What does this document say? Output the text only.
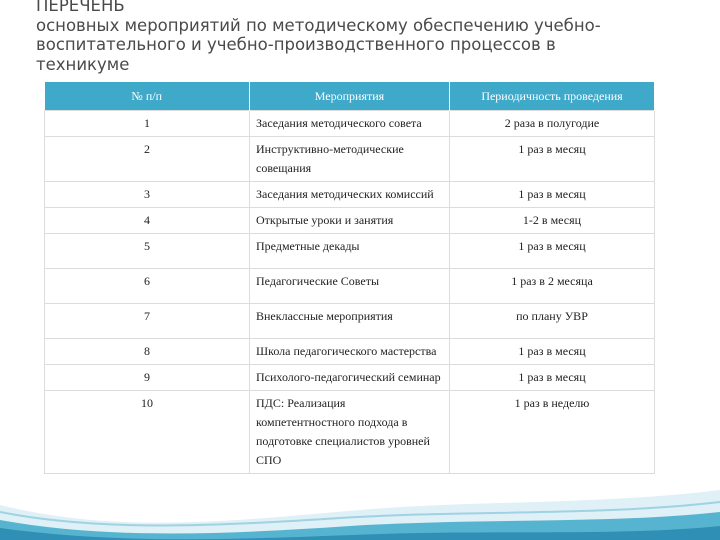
ПЕРЕЧЕНЬ
основных мероприятий по методическому обеспечению учебно-
воспитательного и учебно-производственного процессов в
техникуме
№ п/п	Мероприятия	Периодичность проведения
1	Заседания методического совета	2 раза в полугодие
2	Инструктивно-методические совещания	1 раз в месяц
3	Заседания методических комиссий	1 раз в месяц
4	Открытые уроки и занятия	1-2 в месяц
5	Предметные декады	1 раз в месяц
6	Педагогические Советы	1 раз в 2 месяца
7	Внеклассные мероприятия	по плану УВР
8	Школа педагогического мастерства	1 раз в месяц
9	Психолого-педагогический семинар	1 раз в месяц
10	ПДС: Реализация компетентностного подхода в подготовке специалистов уровней СПО	1 раз в неделю
